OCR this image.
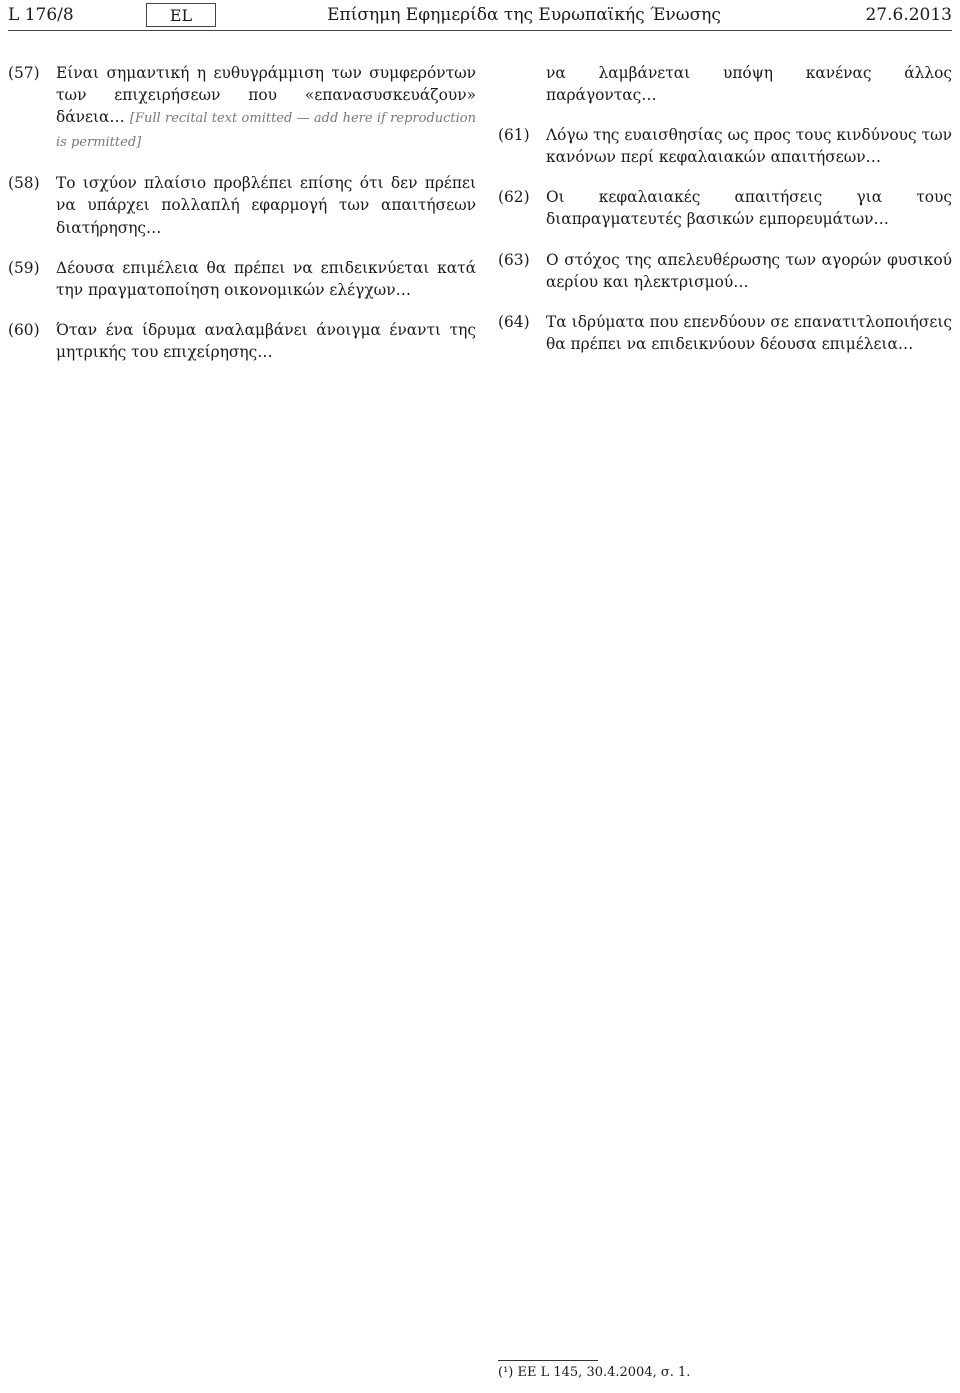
L 176/8	EL	Επίσημη Εφημερίδα της Ευρωπαϊκής Ένωσης	27.6.2013
(57)	Είναι σημαντική η ευθυγράμμιση των συμφερόντων των επιχειρήσεων που «επανασυσκευάζουν» δάνεια… [Full recital text omitted — add here if reproduction is permitted]
(58)	Το ισχύον πλαίσιο προβλέπει επίσης ότι δεν πρέπει να υπάρχει πολλαπλή εφαρμογή των απαιτήσεων διατήρησης…
(59)	Δέουσα επιμέλεια θα πρέπει να επιδεικνύεται κατά την πραγματοποίηση οικονομικών ελέγχων…
(60)	Όταν ένα ίδρυμα αναλαμβάνει άνοιγμα έναντι της μητρικής του επιχείρησης…
να λαμβάνεται υπόψη κανένας άλλος παράγοντας…
(61)	Λόγω της ευαισθησίας ως προς τους κινδύνους των κανόνων περί κεφαλαιακών απαιτήσεων…
(62)	Οι κεφαλαιακές απαιτήσεις για τους διαπραγματευτές βασικών εμπορευμάτων…
(63)	Ο στόχος της απελευθέρωσης των αγορών φυσικού αερίου και ηλεκτρισμού…
(64)	Τα ιδρύματα που επενδύουν σε επανατιτλοποιήσεις θα πρέπει να επιδεικνύουν δέουσα επιμέλεια…
(¹) ΕΕ L 145, 30.4.2004, σ. 1.
